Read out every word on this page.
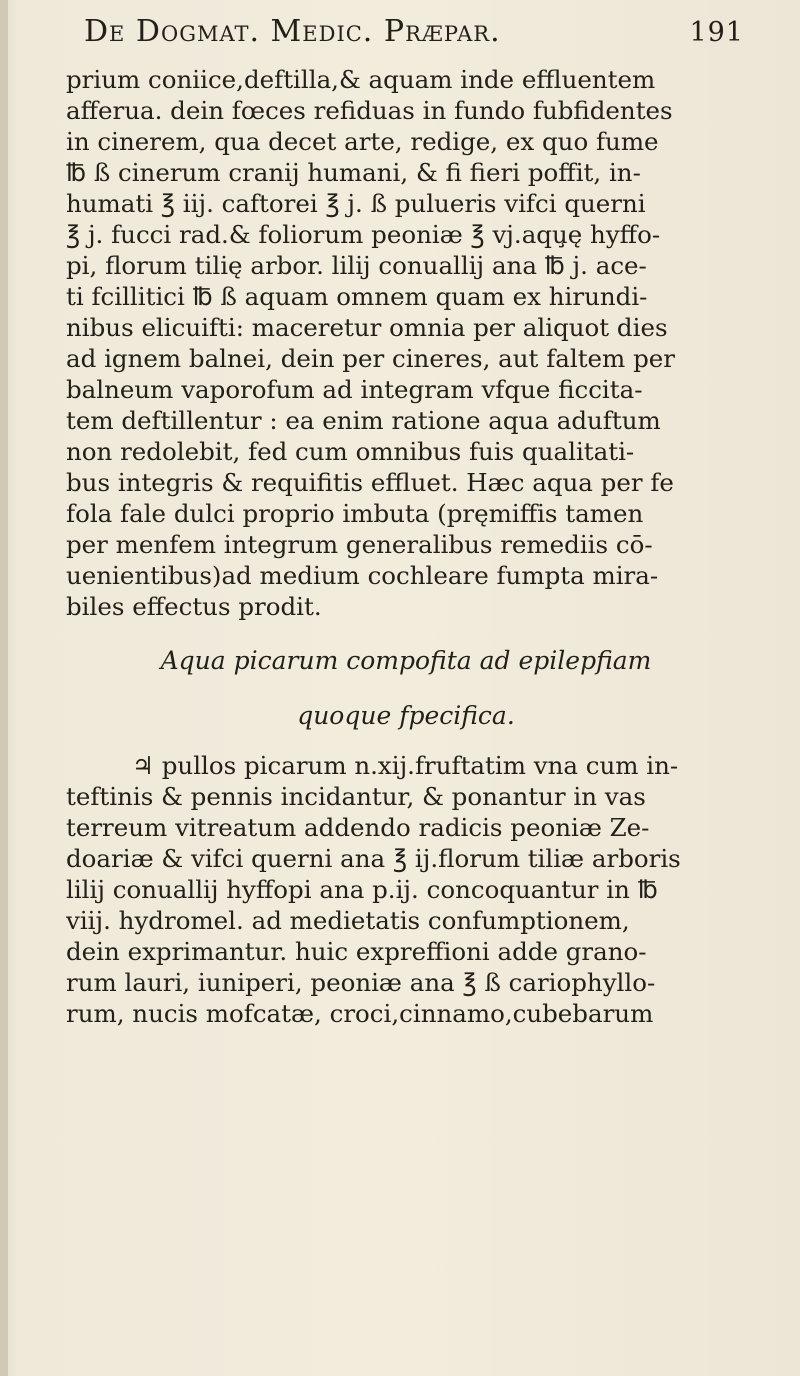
De Dogmat. Medic. Præpar.	191
prium coniice,deftilla,& aquam inde effluentem
afferua. dein fœces refiduas in fundo fubfidentes
in cinerem, qua decet arte, redige, ex quo fume
℔ ß cinerum cranij humani, & fi fieri poffit, in-
humati ℥ iij. caftorei ℥ j. ß pulueris vifci querni
℥ j. fucci rad.& foliorum peoniæ ℥ vj.aqu̧ę hyffo-
pi, florum tilię arbor. lilij conuallij ana ℔ j. ace-
ti fcillitici ℔ ß aquam omnem quam ex hirundi-
nibus elicuifti: maceretur omnia per aliquot dies
ad ignem balnei, dein per cineres, aut faltem per
balneum vaporofum ad integram vfque ficcita-
tem deftillentur : ea enim ratione aqua aduftum
non redolebit, fed cum omnibus fuis qualitati-
bus integris & requifitis effluet. Hæc aqua per fe
fola fale dulci proprio imbuta (pręmiffis tamen
per menfem integrum generalibus remediis cō-
uenientibus)ad medium cochleare fumpta mira-
biles effectus prodit.
Aqua picarum compofita ad epilepfiam
quoque fpecifica.
♃ pullos picarum n.xij.fruftatim vna cum in-
teftinis & pennis incidantur, & ponantur in vas
terreum vitreatum addendo radicis peoniæ Ze-
doariæ & vifci querni ana ℥ ij.florum tiliæ arboris
lilij conuallij hyffopi ana p.ij. concoquantur in ℔
viij. hydromel. ad medietatis confumptionem,
dein exprimantur. huic expreffioni adde grano-
rum lauri, iuniperi, peoniæ ana ℥ ß cariophyllo-
rum, nucis mofcatæ, croci,cinnamo,cubebarum
